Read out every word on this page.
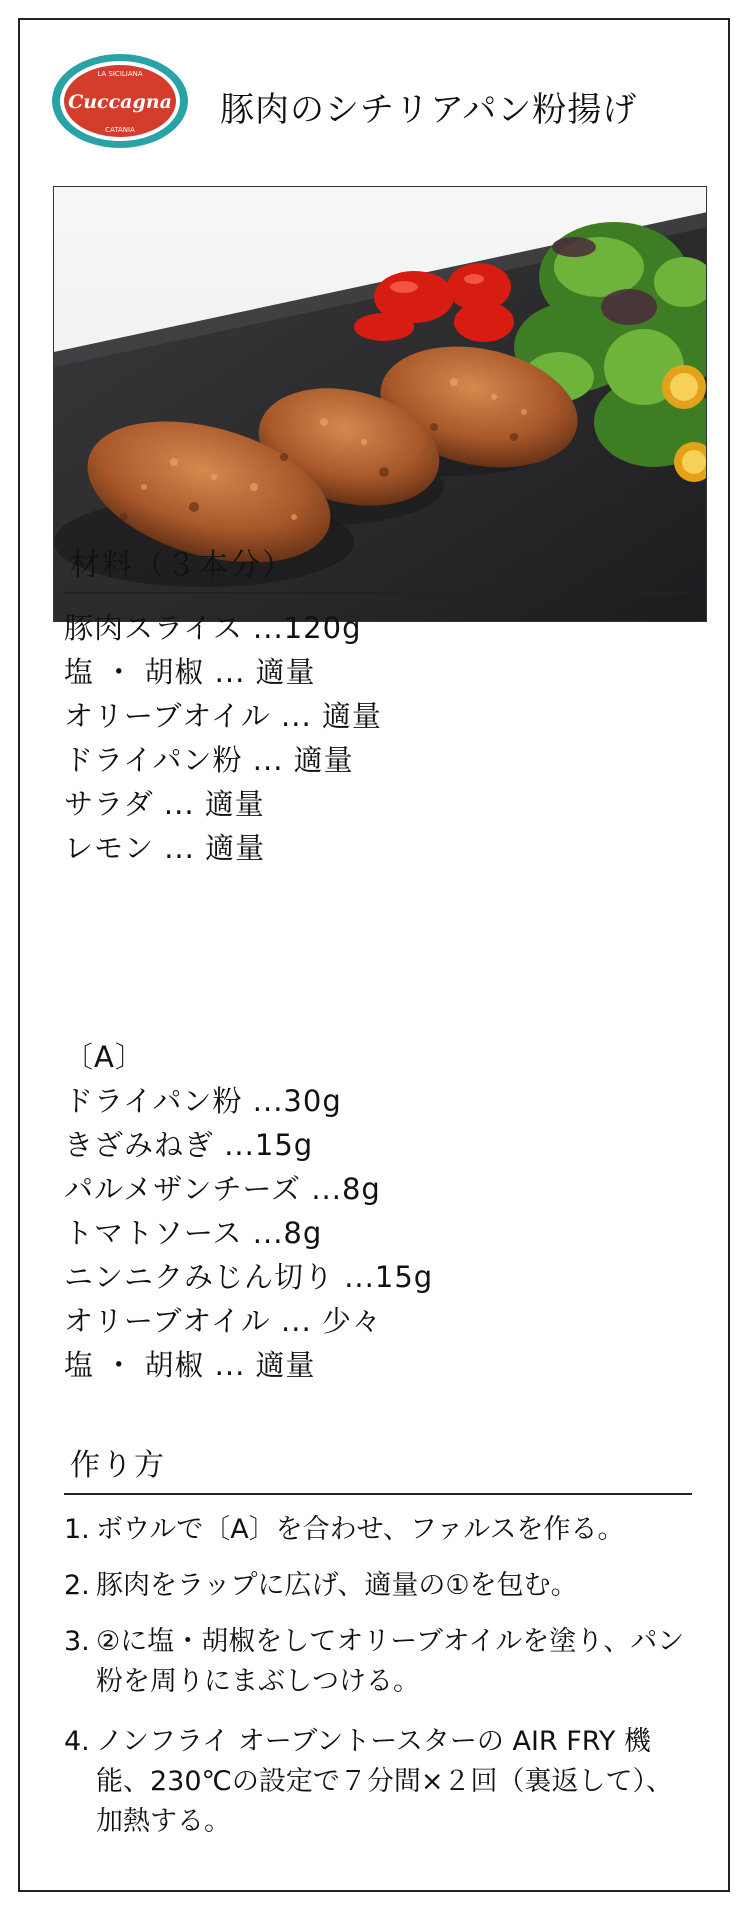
LA SICILIANA
Cuccagna
CATANIA	豚肉のシチリアパン粉揚げ
材料（３本分）
豚肉スライス ...120g
塩 ・ 胡椒 ... 適量
オリーブオイル ... 適量
ドライパン粉 ... 適量
サラダ ... 適量
レモン ... 適量
〔A〕
ドライパン粉 ...30g
きざみねぎ ...15g
パルメザンチーズ ...8g
トマトソース ...8g
ニンニクみじん切り ...15g
オリーブオイル ... 少々
塩 ・ 胡椒 ... 適量
作り方
1. ボウルで〔A〕を合わせ、ファルスを作る。
2. 豚肉をラップに広げ、適量の①を包む。
3. ②に塩・胡椒をしてオリーブオイルを塗り、パン粉を周りにまぶしつける。
4. ノンフライ オーブントースターの AIR FRY 機能、230℃の設定で７分間×２回（裏返して）、加熱する。
